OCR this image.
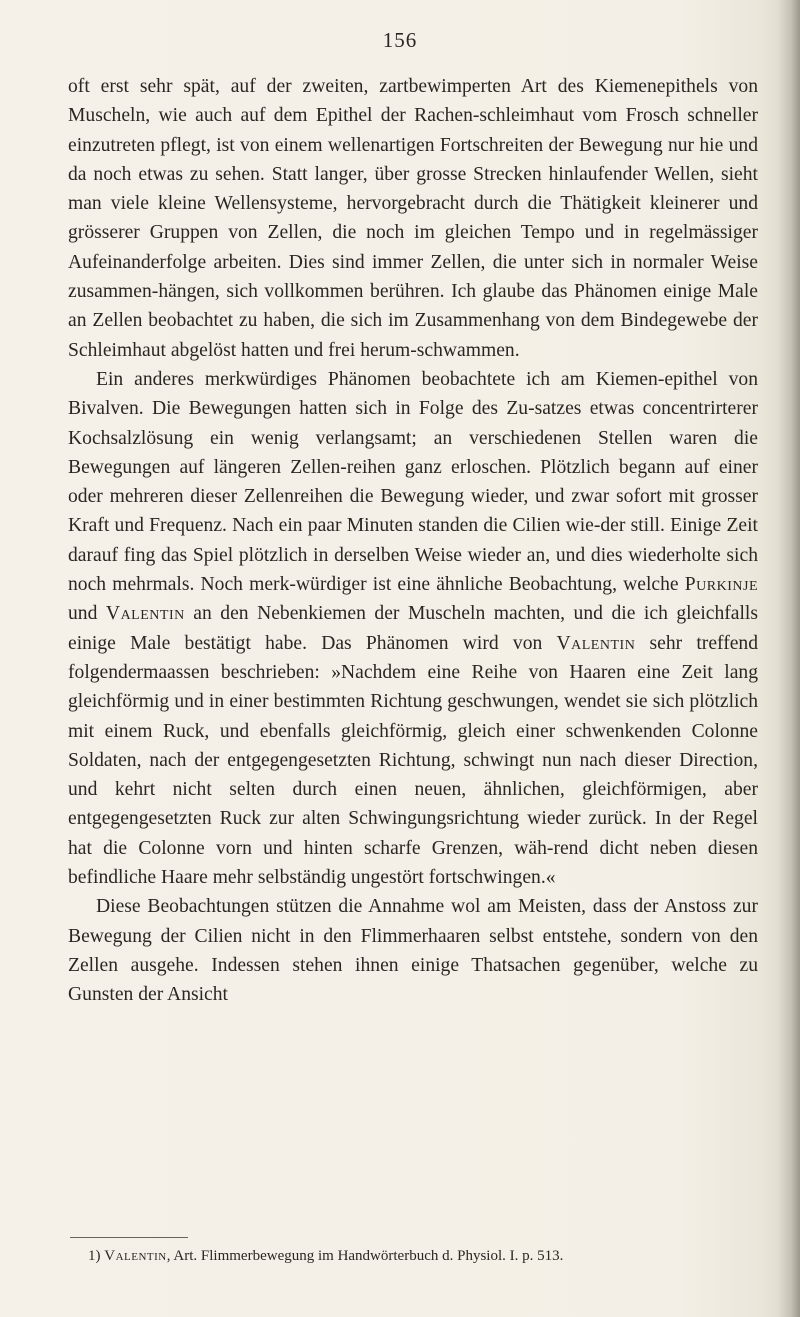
156

oft erst sehr spät, auf der zweiten, zartbewimperten Art des Kiemenepithels von Muscheln, wie auch auf dem Epithel der Rachen-schleimhaut vom Frosch schneller einzutreten pflegt, ist von einem wellenartigen Fortschreiten der Bewegung nur hie und da noch etwas zu sehen. Statt langer, über grosse Strecken hinlaufender Wellen, sieht man viele kleine Wellensysteme, hervorgebracht durch die Thätigkeit kleinerer und grösserer Gruppen von Zellen, die noch im gleichen Tempo und in regelmässiger Aufeinanderfolge arbeiten. Dies sind immer Zellen, die unter sich in normaler Weise zusammen-hängen, sich vollkommen berühren. Ich glaube das Phänomen einige Male an Zellen beobachtet zu haben, die sich im Zusammenhang von dem Bindegewebe der Schleimhaut abgelöst hatten und frei herum-schwammen.

Ein anderes merkwürdiges Phänomen beobachtete ich am Kiemen-epithel von Bivalven. Die Bewegungen hatten sich in Folge des Zu-satzes etwas concentrirterer Kochsalzlösung ein wenig verlangsamt; an verschiedenen Stellen waren die Bewegungen auf längeren Zellen-reihen ganz erloschen. Plötzlich begann auf einer oder mehreren dieser Zellenreihen die Bewegung wieder, und zwar sofort mit grosser Kraft und Frequenz. Nach ein paar Minuten standen die Cilien wie-der still. Einige Zeit darauf fing das Spiel plötzlich in derselben Weise wieder an, und dies wiederholte sich noch mehrmals. Noch merk-würdiger ist eine ähnliche Beobachtung, welche Purkinje und Valentin an den Nebenkiemen der Muscheln machten, und die ich gleichfalls einige Male bestätigt habe. Das Phänomen wird von Valentin sehr treffend folgendermaassen beschrieben: »Nachdem eine Reihe von Haaren eine Zeit lang gleichförmig und in einer bestimmten Richtung geschwungen, wendet sie sich plötzlich mit einem Ruck, und ebenfalls gleichförmig, gleich einer schwenkenden Colonne Soldaten, nach der entgegengesetzten Richtung, schwingt nun nach dieser Direction, und kehrt nicht selten durch einen neuen, ähnlichen, gleichförmigen, aber entgegengesetzten Ruck zur alten Schwingungsrichtung wieder zurück. In der Regel hat die Colonne vorn und hinten scharfe Grenzen, wäh-rend dicht neben diesen befindliche Haare mehr selbständig ungestört fortschwingen.«

Diese Beobachtungen stützen die Annahme wol am Meisten, dass der Anstoss zur Bewegung der Cilien nicht in den Flimmerhaaren selbst entstehe, sondern von den Zellen ausgehe. Indessen stehen ihnen einige Thatsachen gegenüber, welche zu Gunsten der Ansicht

1) Valentin, Art. Flimmerbewegung im Handwörterbuch d. Physiol. I. p. 513.
